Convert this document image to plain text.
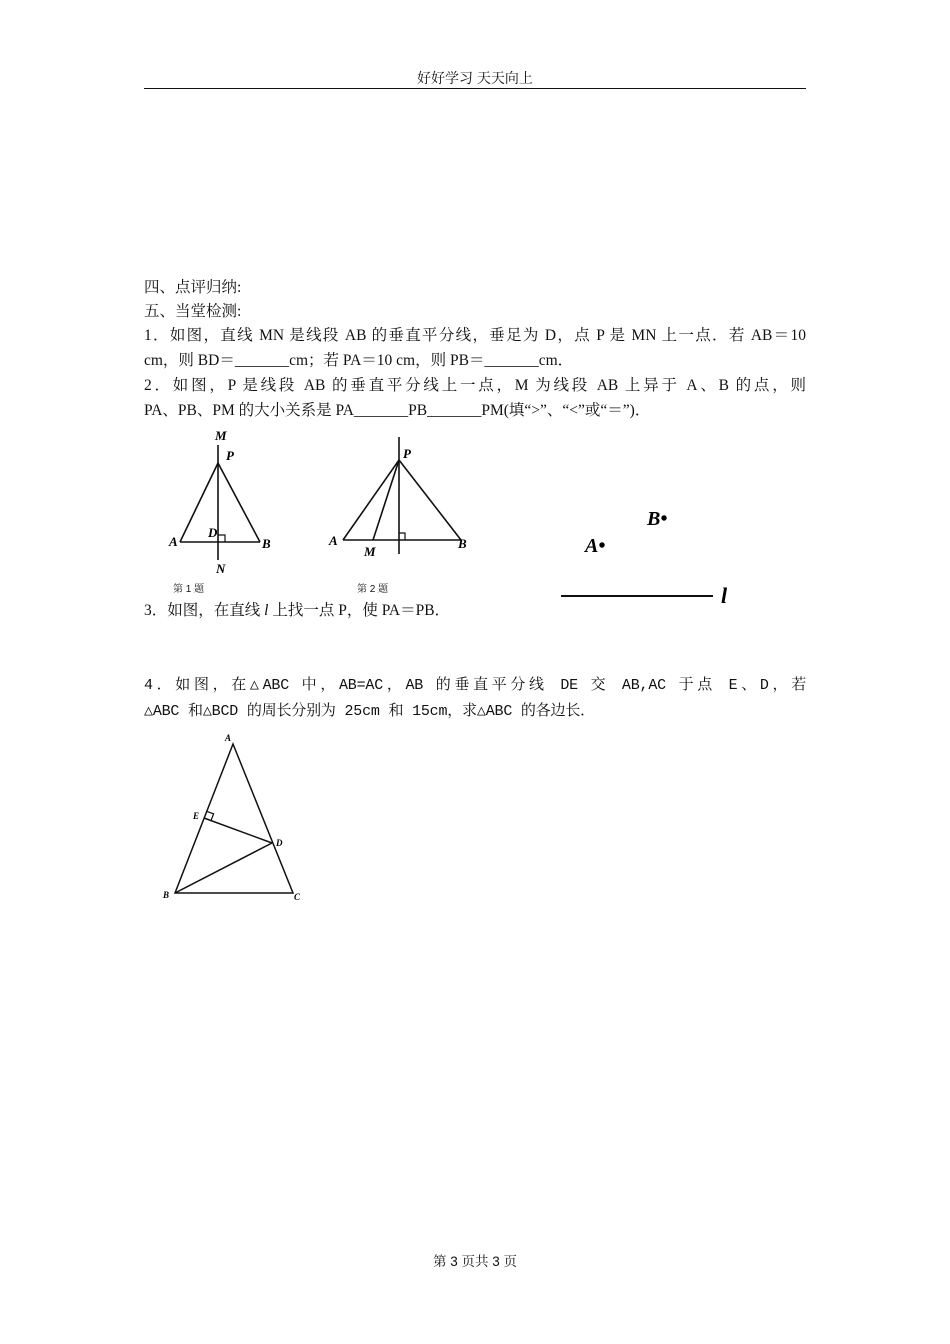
好好学习 天天向上
四、点评归纳:
五、当堂检测:
1．如图，直线 MN 是线段 AB 的垂直平分线，垂足为 D，点 P 是 MN 上一点．若 AB＝10
cm，则 BD＝_______cm；若 PA＝10 cm，则 PB＝_______cm．
2．如图，P 是线段 AB 的垂直平分线上一点，M 为线段 AB 上异于 A、B 的点，则
PA、PB、PM 的大小关系是 PA_______PB_______PM(填“>”、“<”或“＝”)．
M
P
D
A	B
N
第 1 题
P
A
M
B
第 2 题
A•
B•
l
3．如图，在直线 l 上找一点 P，使 PA＝PB．
4．如图，在△ABC 中，AB=AC，AB 的垂直平分线 DE 交 AB,AC 于点 E、D，若
△ABC 和△BCD 的周长分别为 25cm 和 15cm，求△ABC 的各边长．
A
E
D
B	C
第 3 页共 3 页
